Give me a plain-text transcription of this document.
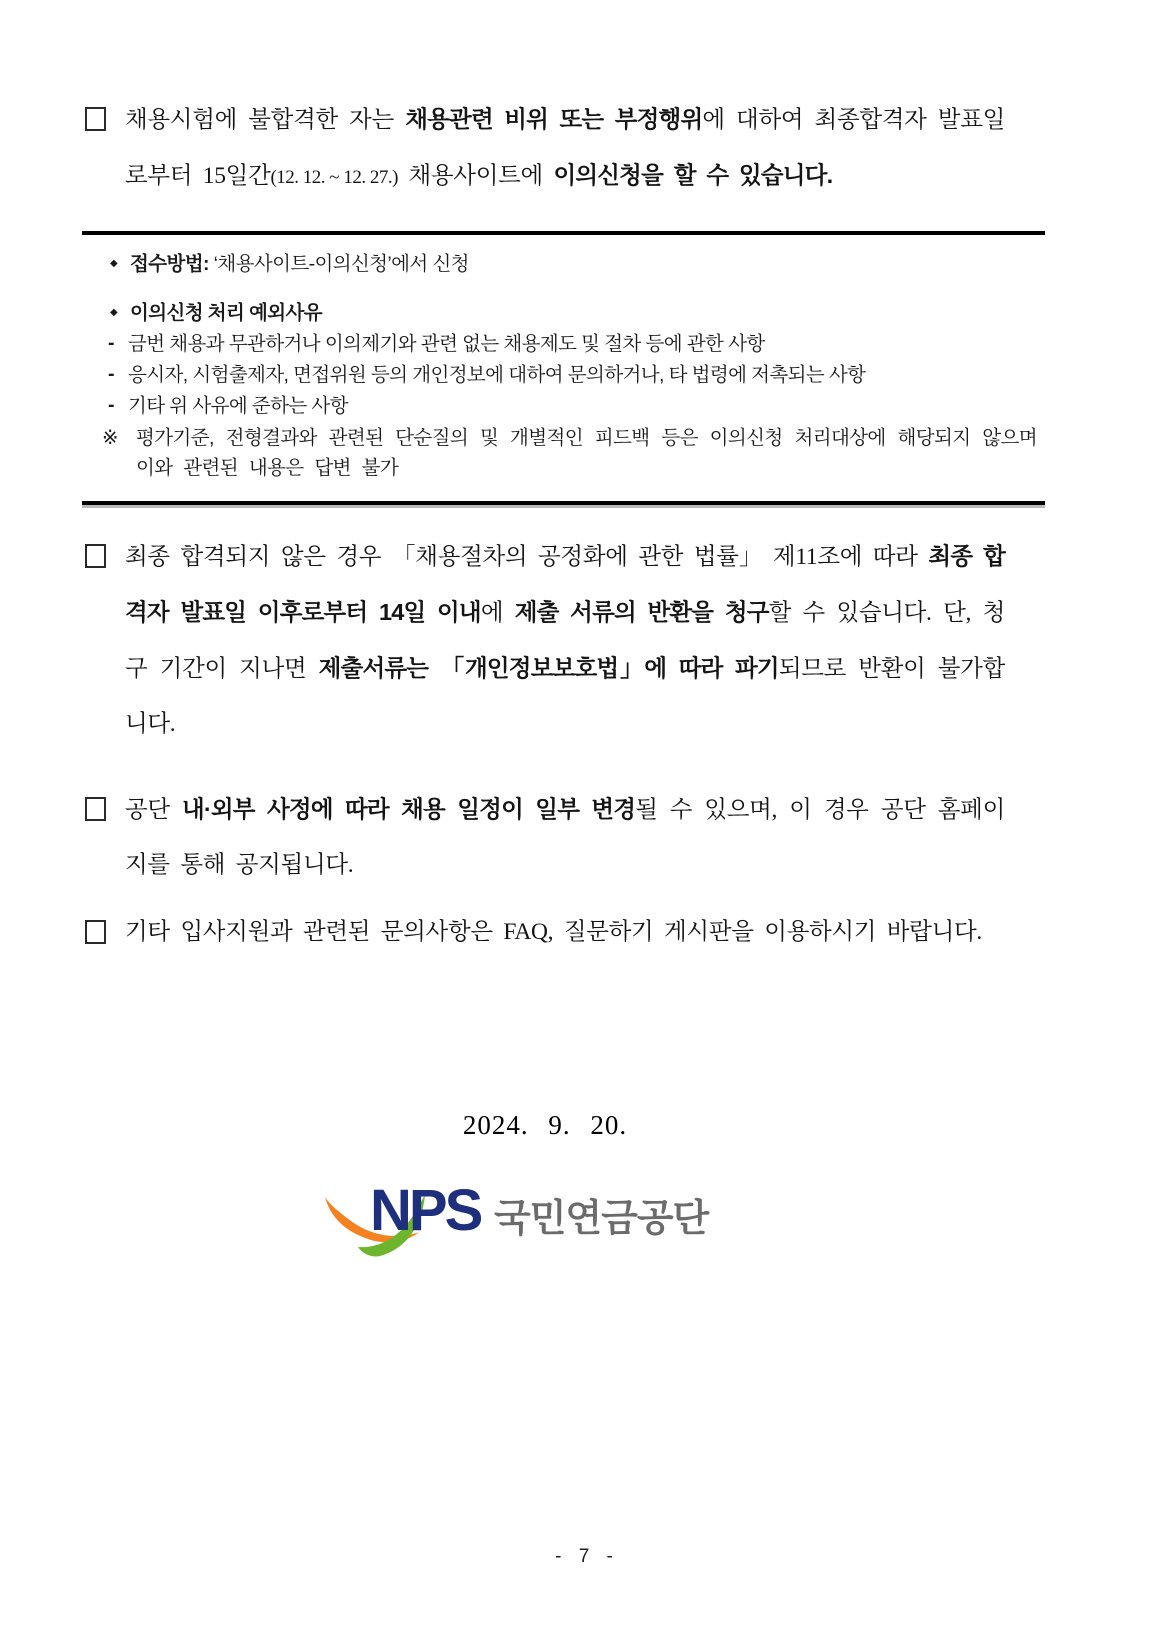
채용시험에 불합격한 자는 채용관련 비위 또는 부정행위에 대하여 최종합격자 발표일로부터 15일간(12. 12. ~ 12. 27.) 채용사이트에 이의신청을 할 수 있습니다.
◆ 접수방법: ‘채용사이트-이의신청’에서 신청
◆ 이의신청 처리 예외사유
- 금번 채용과 무관하거나 이의제기와 관련 없는 채용제도 및 절차 등에 관한 사항
- 응시자, 시험출제자, 면접위원 등의 개인정보에 대하여 문의하거나, 타 법령에 저촉되는 사항
- 기타 위 사유에 준하는 사항
※ 평가기준, 전형결과와 관련된 단순질의 및 개별적인 피드백 등은 이의신청 처리대상에 해당되지 않으며 이와 관련된 내용은 답변 불가
최종 합격되지 않은 경우 「채용절차의 공정화에 관한 법률」 제11조에 따라 최종 합격자 발표일 이후로부터 14일 이내에 제출 서류의 반환을 청구할 수 있습니다. 단, 청구 기간이 지나면 제출서류는 「개인정보보호법」에 따라 파기되므로 반환이 불가합니다.
공단 내·외부 사정에 따라 채용 일정이 일부 변경될 수 있으며, 이 경우 공단 홈페이지를 통해 공지됩니다.
기타 입사지원과 관련된 문의사항은 FAQ, 질문하기 게시판을 이용하시기 바랍니다.
2024. 9. 20.
NPS 국민연금공단
- 7 -
